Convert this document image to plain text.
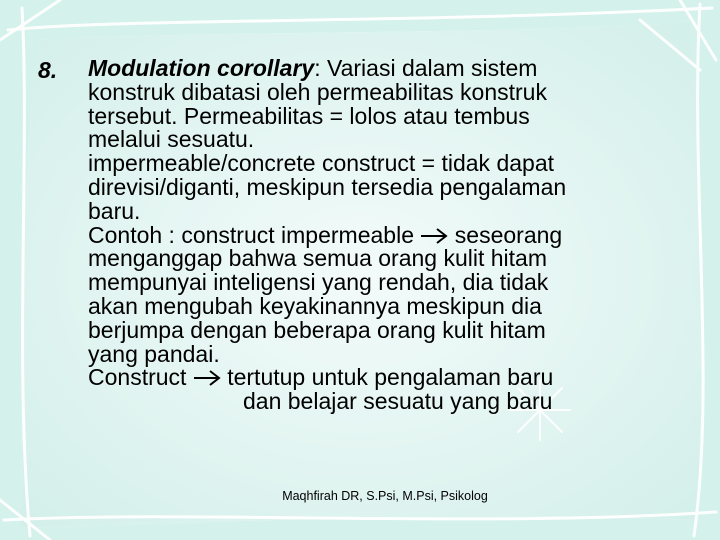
8. Modulation corollary: Variasi dalam sistem
konstruk dibatasi oleh permeabilitas konstruk
tersebut. Permeabilitas = lolos atau tembus
melalui sesuatu.
impermeable/concrete construct = tidak dapat
direvisi/diganti, meskipun tersedia pengalaman
baru.
Contoh : construct impermeable  seseorang
menganggap bahwa semua orang kulit hitam
mempunyai inteligensi yang rendah, dia tidak
akan mengubah keyakinannya meskipun dia
berjumpa dengan beberapa orang kulit hitam
yang pandai.
Construct  tertutup untuk pengalaman baru
dan belajar sesuatu yang baru
Maqhfirah DR, S.Psi, M.Psi, Psikolog
